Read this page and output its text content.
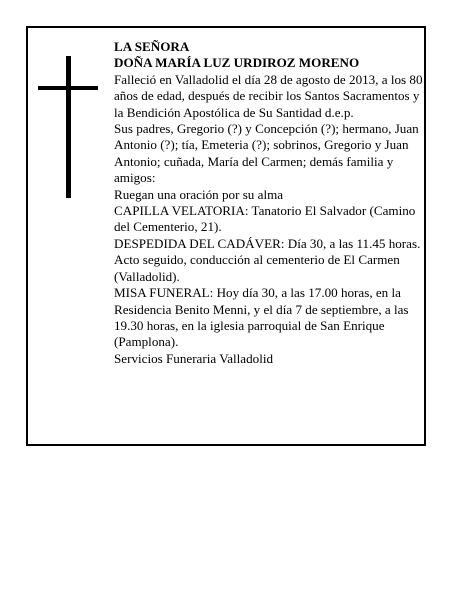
LA SEÑORA

DOÑA MARÍA LUZ URDIROZ MORENO

Falleció en Valladolid el día 28 de agosto de 2013, a los 80 años de edad, después de recibir los Santos Sacramentos y la Bendición Apostólica de Su Santidad d.e.p.

Sus padres, Gregorio (?) y Concepción (?); hermano, Juan Antonio (?); tía, Emeteria (?); sobrinos, Gregorio y Juan Antonio; cuñada, María del Carmen; demás familia y amigos:

Ruegan una oración por su alma

CAPILLA VELATORIA: Tanatorio El Salvador (Camino del Cementerio, 21).

DESPEDIDA DEL CADÁVER: Día 30, a las 11.45 horas. Acto seguido, conducción al cementerio de El Carmen (Valladolid).

MISA FUNERAL: Hoy día 30, a las 17.00 horas, en la Residencia Benito Menni, y el día 7 de septiembre, a las 19.30 horas, en la iglesia parroquial de San Enrique (Pamplona).

Servicios Funeraria Valladolid
